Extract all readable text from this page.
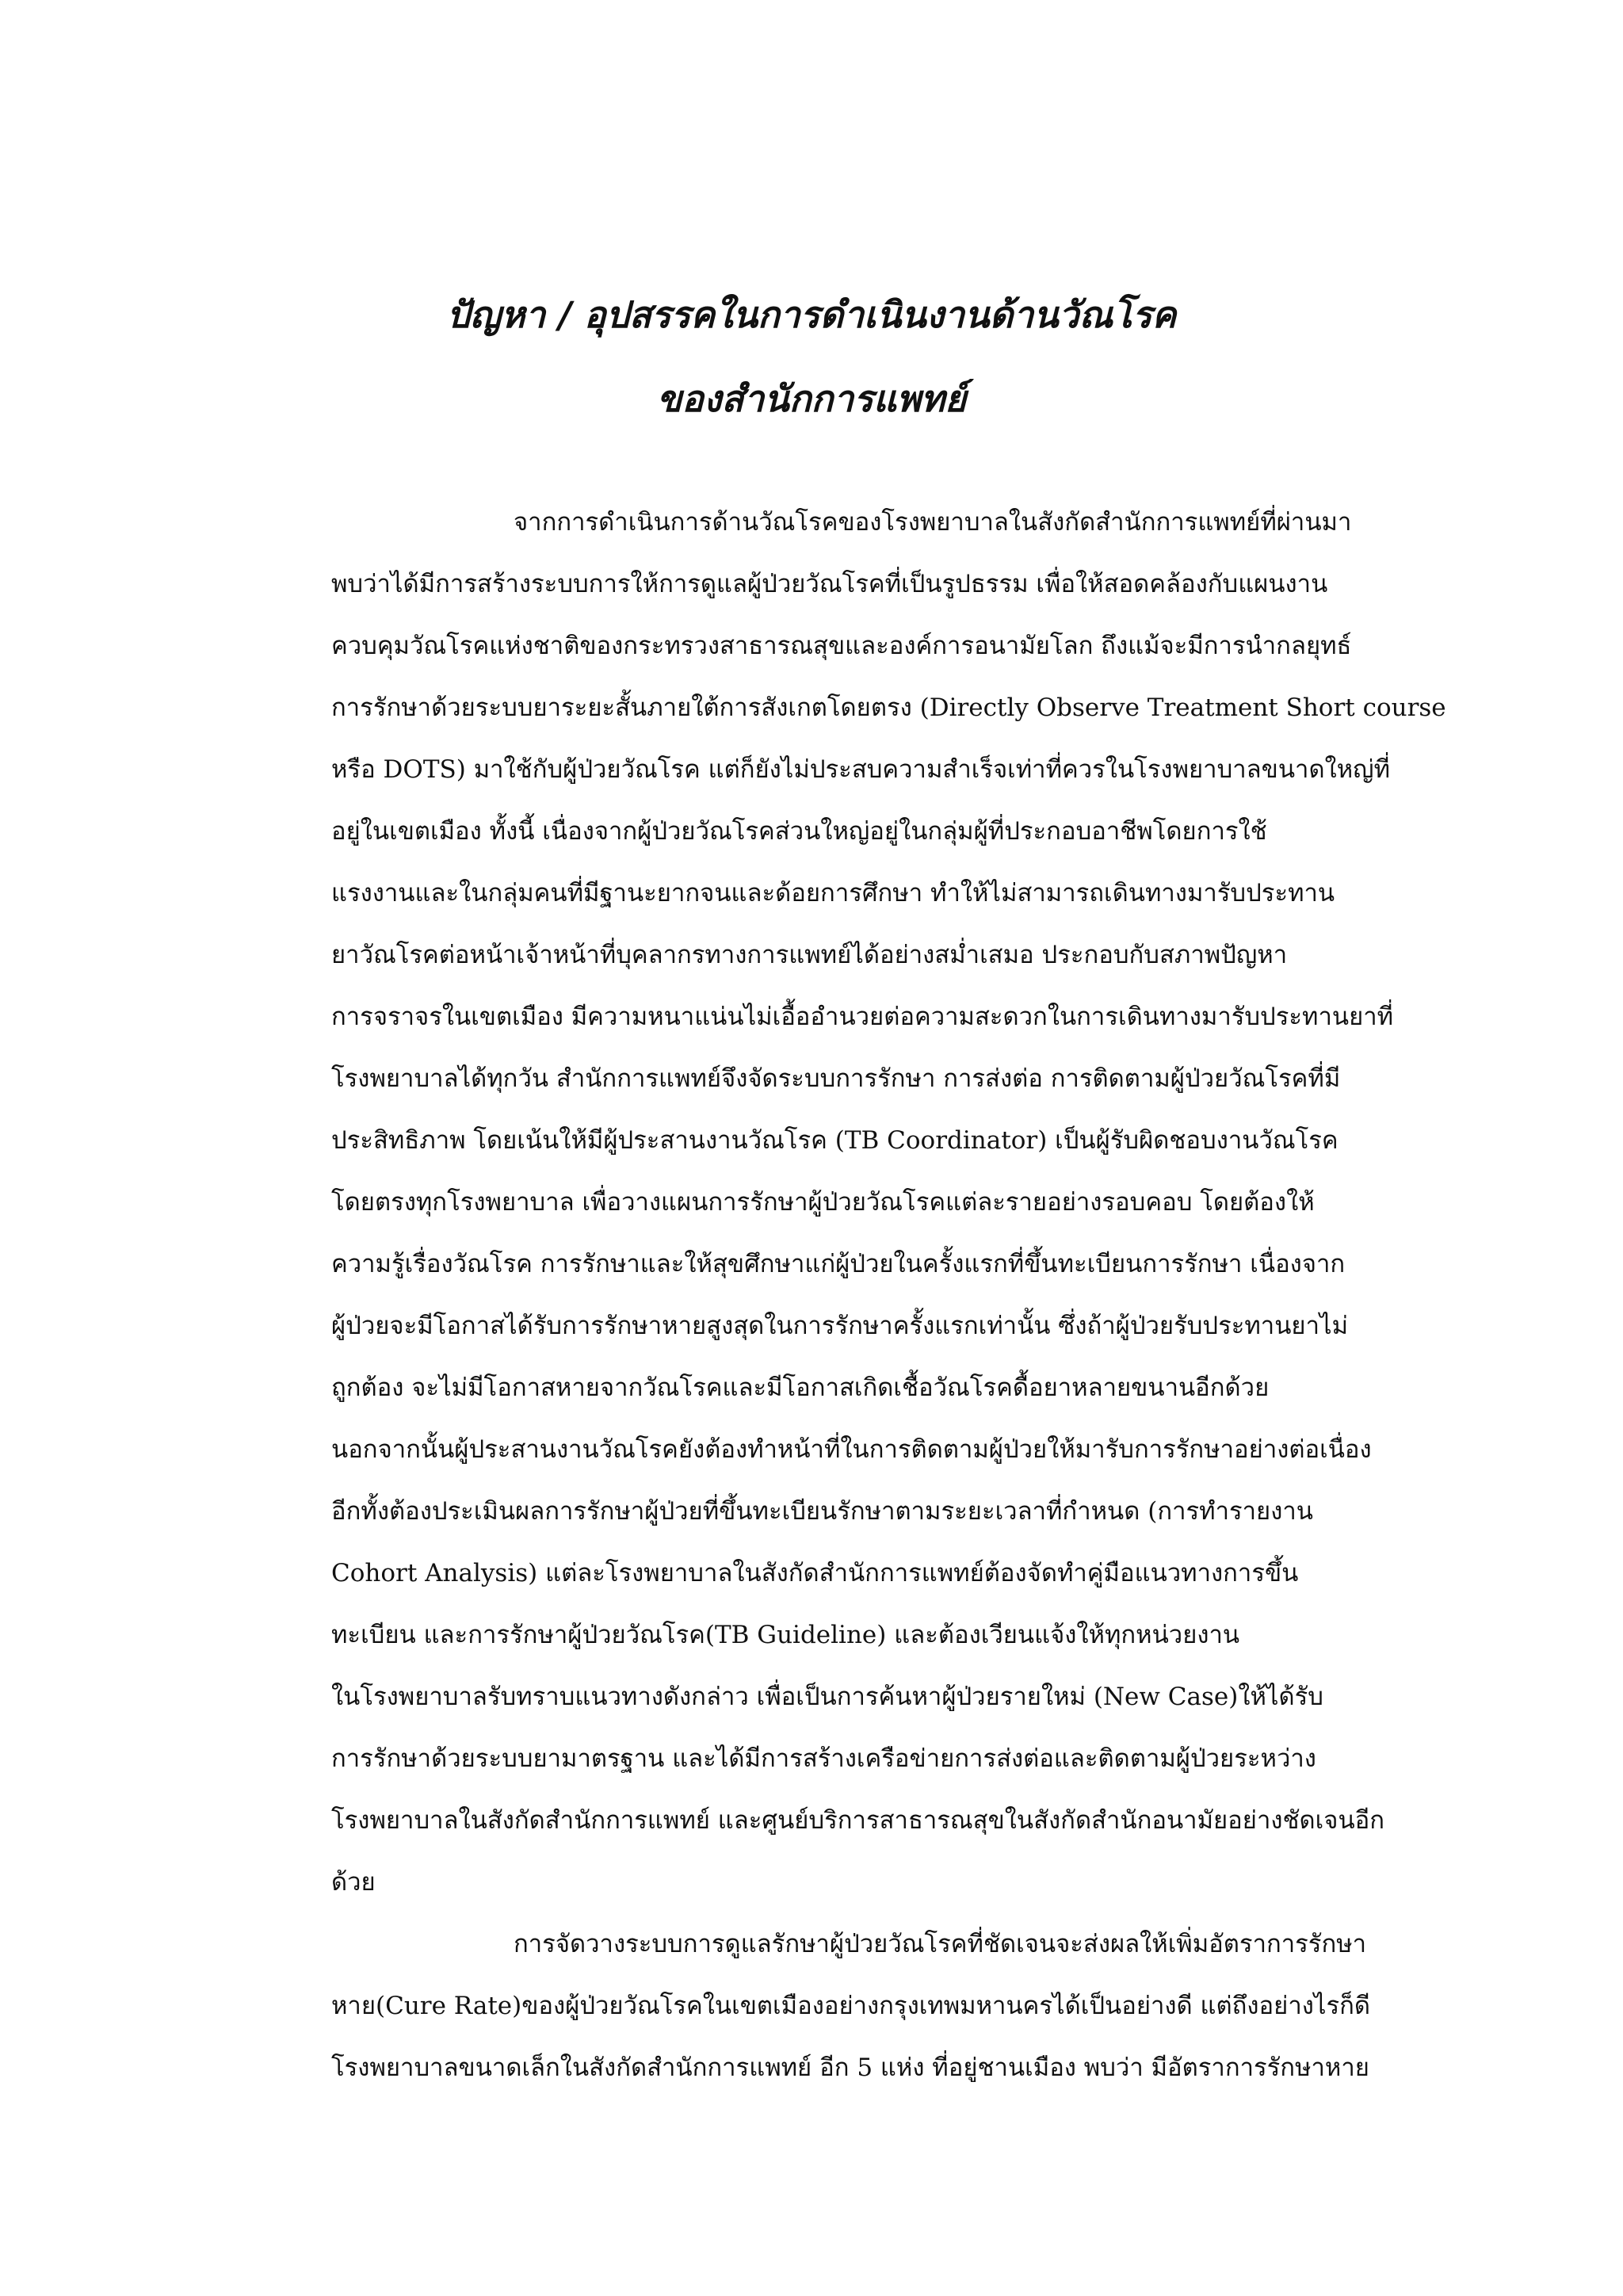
ปัญหา / อุปสรรคในการดำเนินงานด้านวัณโรค
ของสำนักการแพทย์
จากการดำเนินการด้านวัณโรคของโรงพยาบาลในสังกัดสำนักการแพทย์ที่ผ่านมา
พบว่าได้มีการสร้างระบบการให้การดูแลผู้ป่วยวัณโรคที่เป็นรูปธรรม เพื่อให้สอดคล้องกับแผนงาน
ควบคุมวัณโรคแห่งชาติของกระทรวงสาธารณสุขและองค์การอนามัยโลก ถึงแม้จะมีการนำกลยุทธ์
การรักษาด้วยระบบยาระยะสั้นภายใต้การสังเกตโดยตรง (Directly Observe Treatment Short course
หรือ DOTS) มาใช้กับผู้ป่วยวัณโรค แต่ก็ยังไม่ประสบความสำเร็จเท่าที่ควรในโรงพยาบาลขนาดใหญ่ที่
อยู่ในเขตเมือง ทั้งนี้ เนื่องจากผู้ป่วยวัณโรคส่วนใหญ่อยู่ในกลุ่มผู้ที่ประกอบอาชีพโดยการใช้
แรงงานและในกลุ่มคนที่มีฐานะยากจนและด้อยการศึกษา ทำให้ไม่สามารถเดินทางมารับประทาน
ยาวัณโรคต่อหน้าเจ้าหน้าที่บุคลากรทางการแพทย์ได้อย่างสม่ำเสมอ ประกอบกับสภาพปัญหา
การจราจรในเขตเมือง มีความหนาแน่นไม่เอื้ออำนวยต่อความสะดวกในการเดินทางมารับประทานยาที่
โรงพยาบาลได้ทุกวัน สำนักการแพทย์จึงจัดระบบการรักษา การส่งต่อ การติดตามผู้ป่วยวัณโรคที่มี
ประสิทธิภาพ โดยเน้นให้มีผู้ประสานงานวัณโรค (TB Coordinator) เป็นผู้รับผิดชอบงานวัณโรค
โดยตรงทุกโรงพยาบาล เพื่อวางแผนการรักษาผู้ป่วยวัณโรคแต่ละรายอย่างรอบคอบ โดยต้องให้
ความรู้เรื่องวัณโรค การรักษาและให้สุขศึกษาแก่ผู้ป่วยในครั้งแรกที่ขึ้นทะเบียนการรักษา เนื่องจาก
ผู้ป่วยจะมีโอกาสได้รับการรักษาหายสูงสุดในการรักษาครั้งแรกเท่านั้น ซึ่งถ้าผู้ป่วยรับประทานยาไม่
ถูกต้อง จะไม่มีโอกาสหายจากวัณโรคและมีโอกาสเกิดเชื้อวัณโรคดื้อยาหลายขนานอีกด้วย
นอกจากนั้นผู้ประสานงานวัณโรคยังต้องทำหน้าที่ในการติดตามผู้ป่วยให้มารับการรักษาอย่างต่อเนื่อง
อีกทั้งต้องประเมินผลการรักษาผู้ป่วยที่ขึ้นทะเบียนรักษาตามระยะเวลาที่กำหนด (การทำรายงาน
Cohort Analysis) แต่ละโรงพยาบาลในสังกัดสำนักการแพทย์ต้องจัดทำคู่มือแนวทางการขึ้น
ทะเบียน และการรักษาผู้ป่วยวัณโรค(TB Guideline) และต้องเวียนแจ้งให้ทุกหน่วยงาน
ในโรงพยาบาลรับทราบแนวทางดังกล่าว เพื่อเป็นการค้นหาผู้ป่วยรายใหม่ (New Case)ให้ได้รับ
การรักษาด้วยระบบยามาตรฐาน และได้มีการสร้างเครือข่ายการส่งต่อและติดตามผู้ป่วยระหว่าง
โรงพยาบาลในสังกัดสำนักการแพทย์ และศูนย์บริการสาธารณสุขในสังกัดสำนักอนามัยอย่างชัดเจนอีก
ด้วย
การจัดวางระบบการดูแลรักษาผู้ป่วยวัณโรคที่ชัดเจนจะส่งผลให้เพิ่มอัตราการรักษา
หาย(Cure Rate)ของผู้ป่วยวัณโรคในเขตเมืองอย่างกรุงเทพมหานครได้เป็นอย่างดี แต่ถึงอย่างไรก็ดี
โรงพยาบาลขนาดเล็กในสังกัดสำนักการแพทย์ อีก 5 แห่ง ที่อยู่ชานเมือง พบว่า มีอัตราการรักษาหาย
